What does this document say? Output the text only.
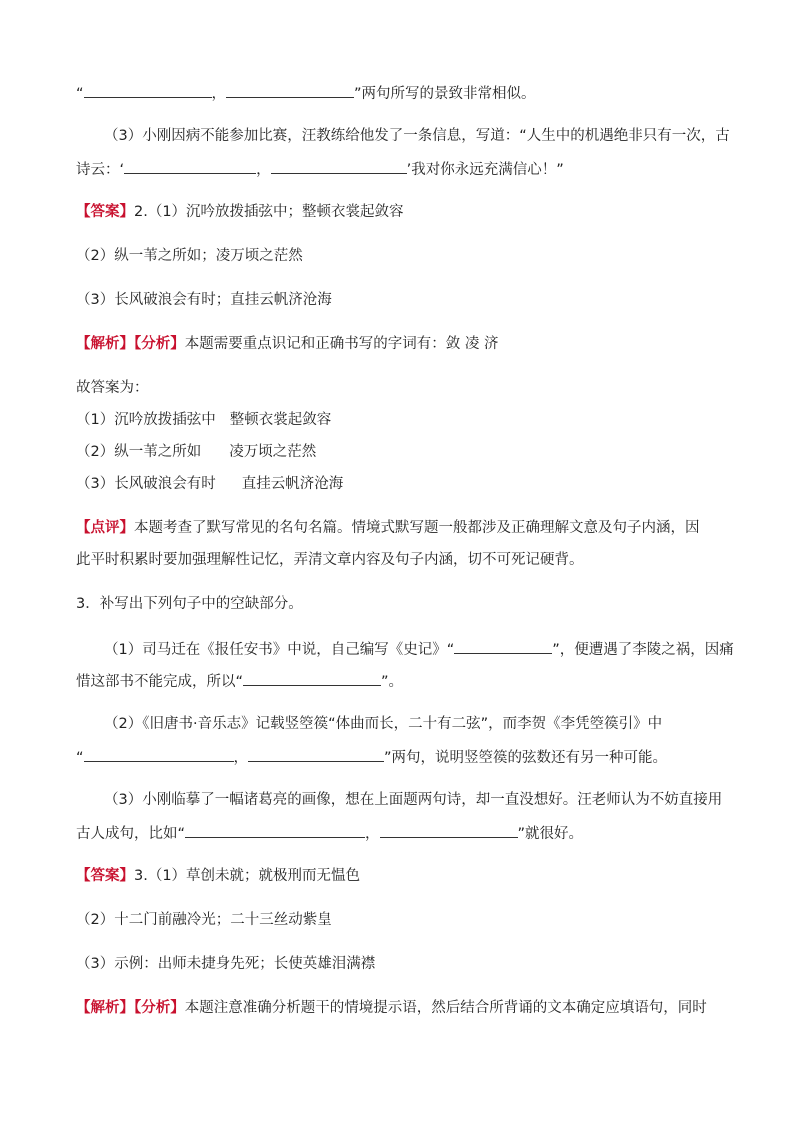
“	，	”两句所写的景致非常相似。
（3）小刚因病不能参加比赛，汪教练给他发了一条信息，写道：“人生中的机遇绝非只有一次，古
诗云：‘	，	’我对你永远充满信心！”
【答案】2.（1）沉吟放拨插弦中；整顿衣裳起敛容
（2）纵一苇之所如；凌万顷之茫然
（3）长风破浪会有时；直挂云帆济沧海
【解析】【分析】本题需要重点识记和正确书写的字词有：敛 凌 济
故答案为：
（1）沉吟放拨插弦中 整顿衣裳起敛容
（2）纵一苇之所如 凌万顷之茫然
（3）长风破浪会有时 直挂云帆济沧海
【点评】本题考查了默写常见的名句名篇。情境式默写题一般都涉及正确理解文意及句子内涵，因
此平时积累时要加强理解性记忆，弄清文章内容及句子内涵，切不可死记硬背。
3．补写出下列句子中的空缺部分。
（1）司马迁在《报任安书》中说，自己编写《史记》“	”，便遭遇了李陵之祸，因痛
惜这部书不能完成，所以“	”。
（2）《旧唐书·音乐志》记载竖箜篌“体曲而长，二十有二弦”，而李贺《李凭箜篌引》中
“	，	”两句，说明竖箜篌的弦数还有另一种可能。
（3）小刚临摹了一幅诸葛亮的画像，想在上面题两句诗，却一直没想好。汪老师认为不妨直接用
古人成句，比如“	，	”就很好。
【答案】3.（1）草创未就；就极刑而无愠色
（2）十二门前融冷光；二十三丝动紫皇
（3）示例：出师未捷身先死；长使英雄泪满襟
【解析】【分析】本题注意准确分析题干的情境提示语，然后结合所背诵的文本确定应填语句，同时
